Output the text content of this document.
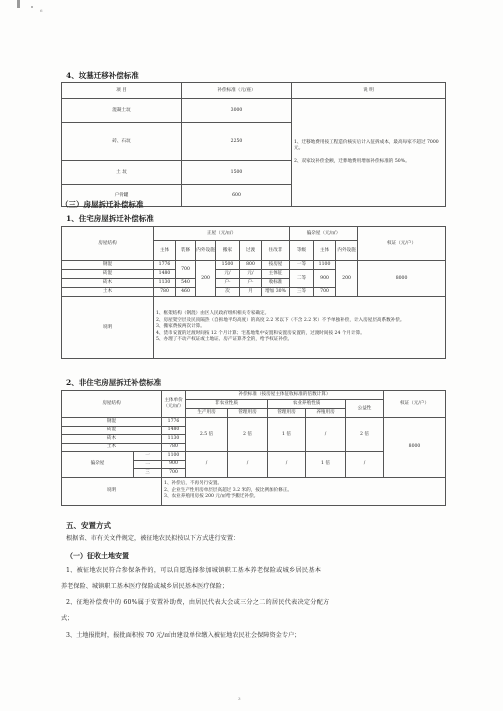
6
4、坟墓迁移补偿标准
项 目	补偿标准（元/座）	说 明
混凝土坟	3000	1、迁移地费用按工程造价核实后计入征拆成本，最高每家不超过 7000 元。
2、双家坟补偿金额，迁葬地费用增加补偿标准的 50%。

砖、石坟	2250	
土 坟	1500	
户骨罐	600	
（三）房屋拆迁补偿标准
1、住宅房屋拆迁补偿标准
房屋结构	正屋（元/㎡）						偏杂屋（元/㎡）			权证（元/户）
	主体	装修	内外设施	搬家	过渡	住改非	等级	主体	内外设施	
钢混	1776	700	200	1500	800	按房屋	一等	1100	200	8000
砖混	1480			元/	元/	主体征	二等	900		
砖木	1130	540		户·	户·	收标准				
土木	780	460		次	月	增加 30%	三等	700		
说明	1、框架结构（钢混）由区人民政府组织相关专家确定。
2、房屋架空层及民顶隔热（自拆地平均高度）的高度 2.2 米以下（不含 2.2 米）不予单独补偿，计入房屋层高系数补偿。
3、搬家费按两次计算。
4、货币安置的过渡时间按 12 个月计算；宅基地集中安置和安置房安置的，过渡时间按 24 个月计算。
5、办理了不动产权证或土地证、房产证算齐全的，给予权证补偿。									
2、非住宅房屋拆迁补偿标准
房屋结构		主体单价（元/㎡）	补偿标准（按房屋主体征收标准的倍数计算）					权证（元/户）
			非农业性质		农业养殖性质		公益性	
			生产用房	管理用房	管理用房	养殖用房		
钢混		1776	2.5 倍	2 倍	1 倍	/	2 倍	8000
砖混		1480						
砖木		1130						
土木		780						
偏杂屋	一	1100	/	/	/	1 倍	/	
	二	900						
	三	700						
说明		1、补偿后，不再另行安置。
2、企业生产性用房单层层高超过 3.2 米的，按比例加价修正。
3、农业养殖用房按 200 元/㎡给予搬迁补偿。						
五、安置方式
根据省、市有关文件规定，被征地农民拟按以下方式进行安置：
（一）征收土地安置
1、被征地农民符合参保条件的，可以自愿选择参加城镇职工基本养老保险或城乡居民基本
养老保险、城镇职工基本医疗保险或城乡居民基本医疗保险；
2、征地补偿费中的 60%属于安置补助费，由居民代表大会或三分之二的居民代表决定分配方
式；
3、土地报批时，报批面积按 70 元/㎡由建设单位缴入被征地农民社会保障资金专户；
3
